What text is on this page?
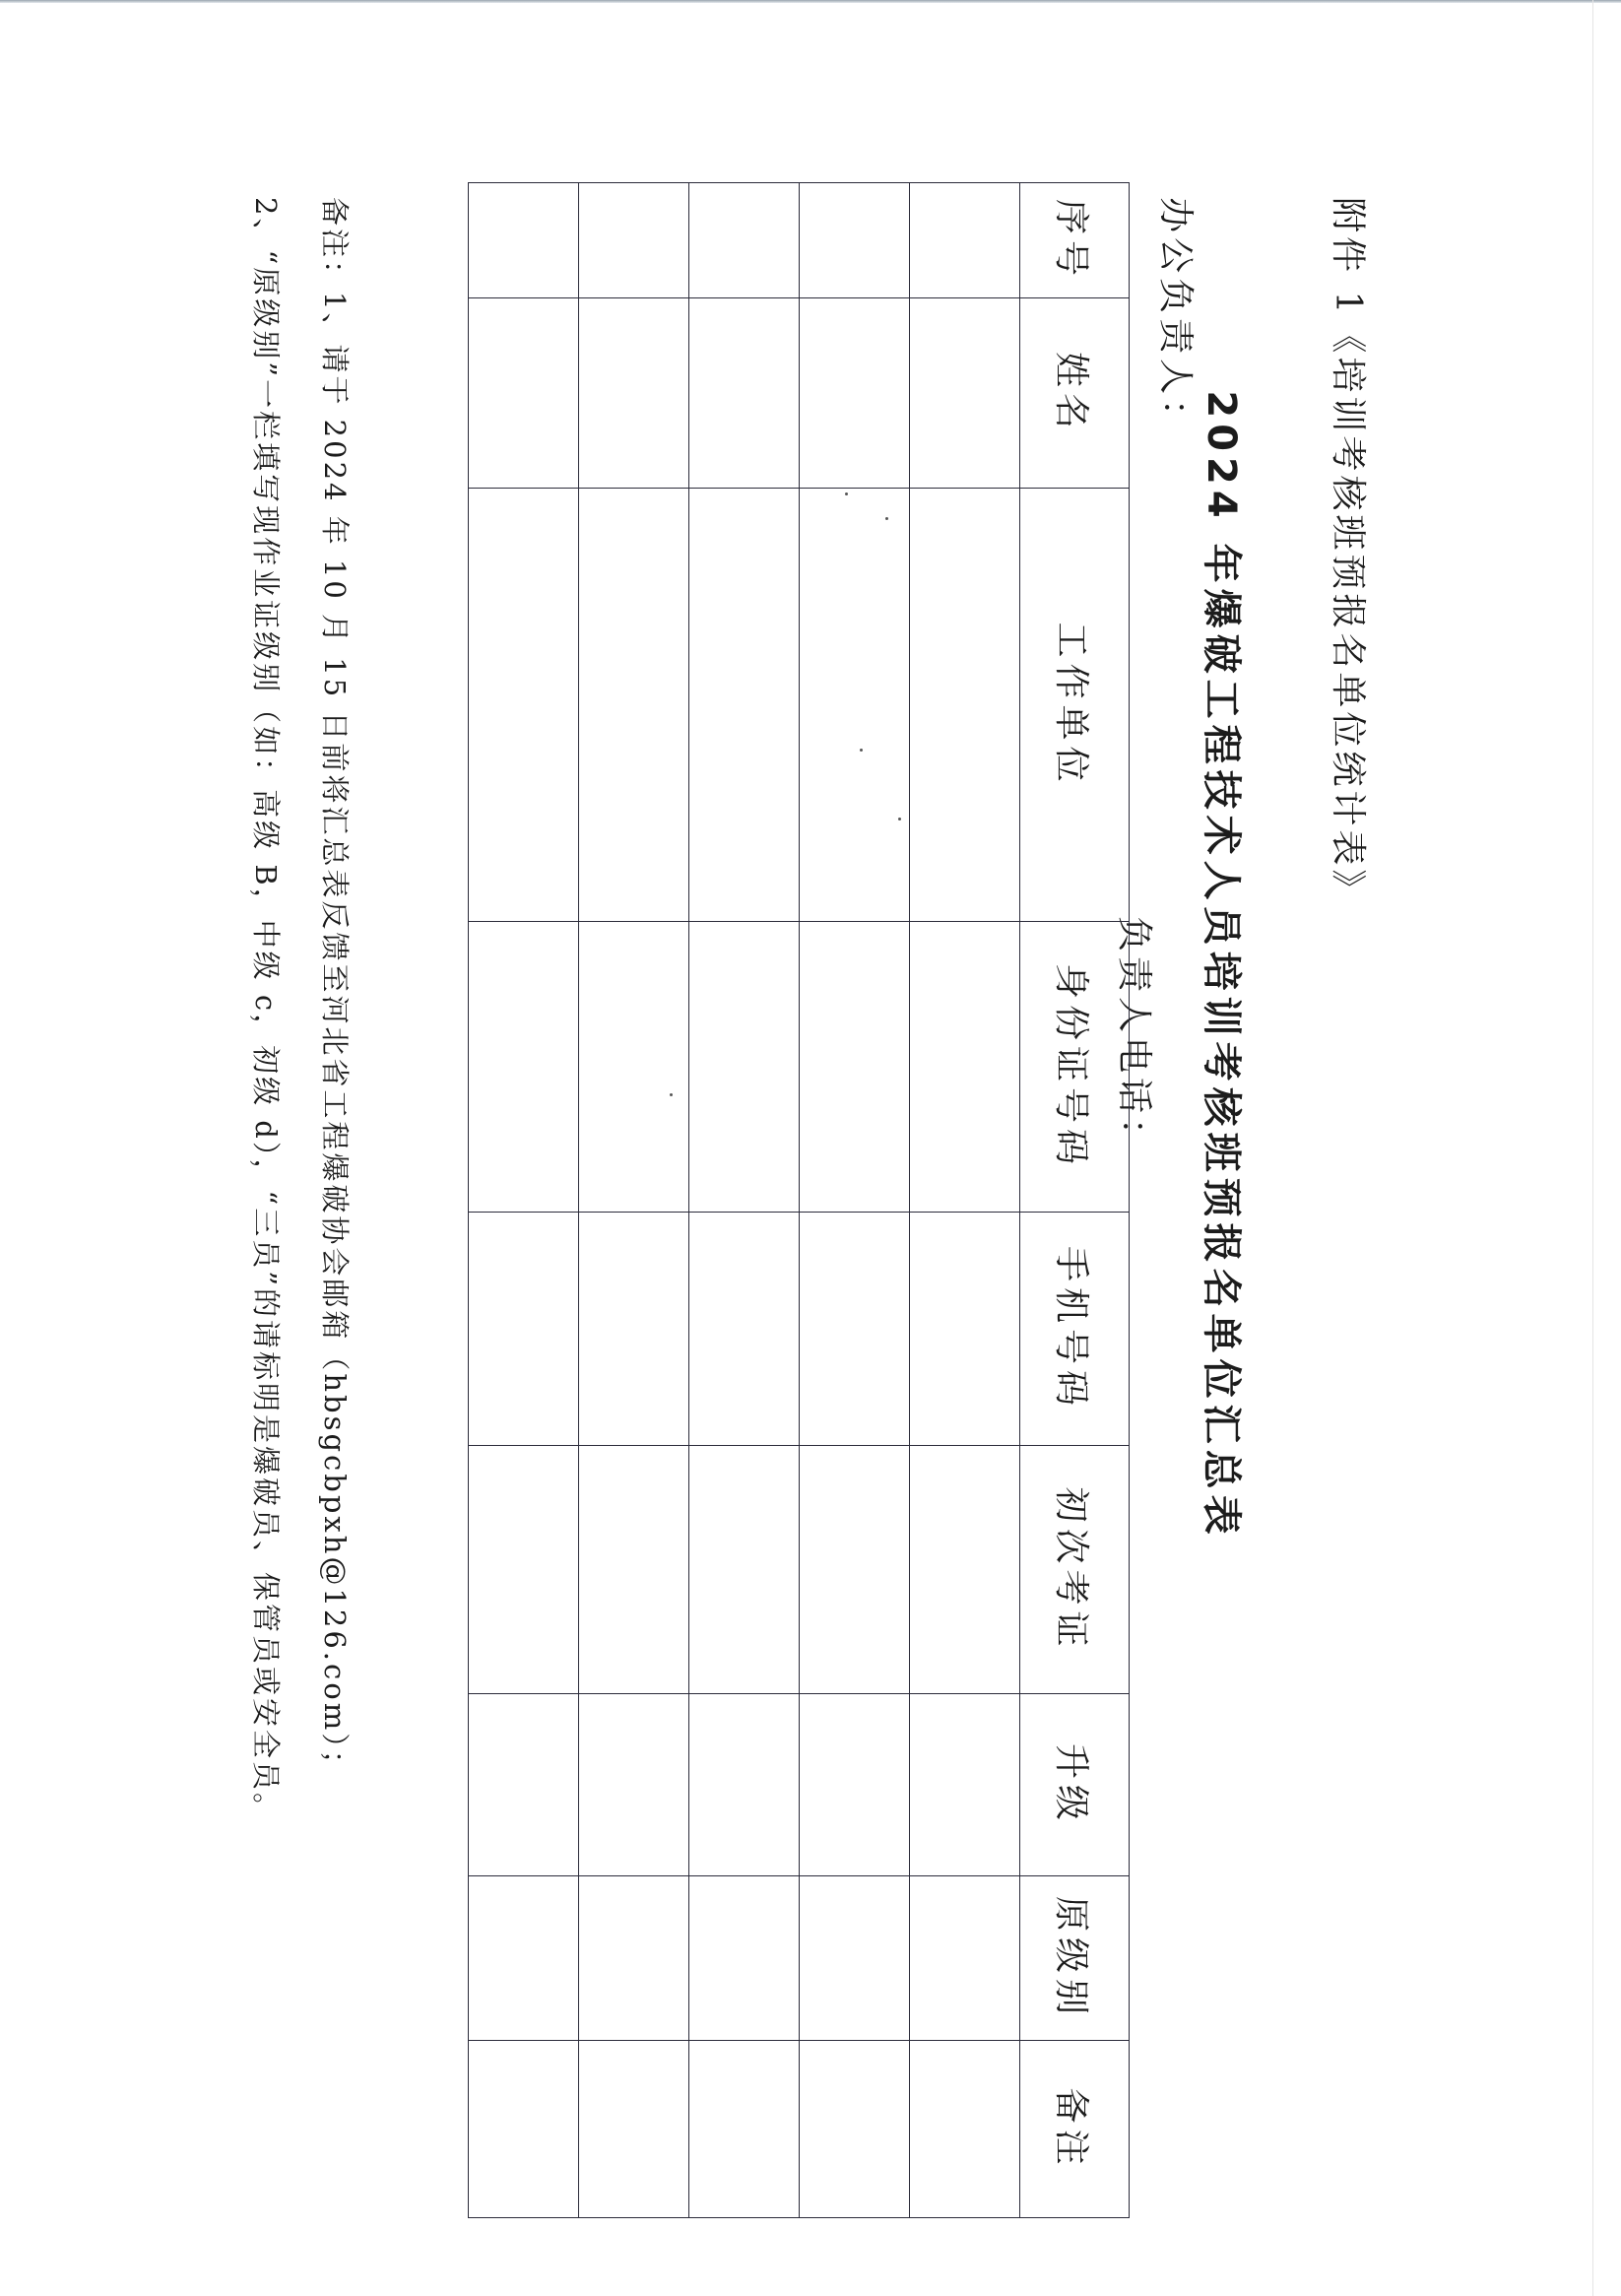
附件 1《培训考核班预报名单位统计表》
2024 年爆破工程技术人员培训考核班预报名单位汇总表
办公负责人：
负责人电话：
序号	姓名	工作单位	身份证号码	手机号码	初次考证	升级	原级别	备注

备注：1、请于 2024 年 10 月 15 日前将汇总表反馈至河北省工程爆破协会邮箱（hbsgcbpxh@126.com）；
2、“原级别”一栏填写现作业证级别（如：高级 B，中级 c，初级 d），“三员”的请标明是爆破员、保管员或安全员。
